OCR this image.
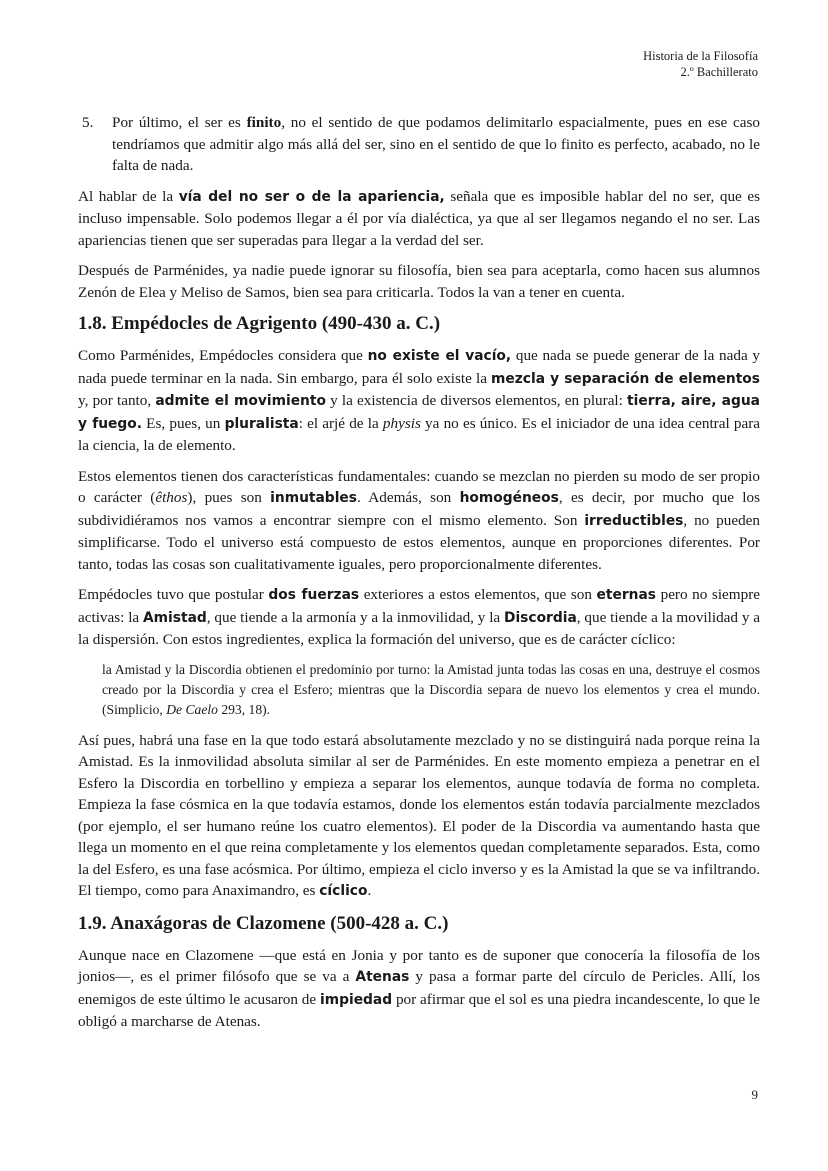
Historia de la Filosofía
2.º Bachillerato
5.	Por último, el ser es finito, no el sentido de que podamos delimitarlo espacialmente, pues en ese caso tendríamos que admitir algo más allá del ser, sino en el sentido de que lo finito es perfecto, acabado, no le falta de nada.

Al hablar de la vía del no ser o de la apariencia, señala que es imposible hablar del no ser, que es incluso impensable. Solo podemos llegar a él por vía dialéctica, ya que al ser llegamos negando el no ser. Las apariencias tienen que ser superadas para llegar a la verdad del ser.

Después de Parménides, ya nadie puede ignorar su filosofía, bien sea para aceptarla, como hacen sus alumnos Zenón de Elea y Meliso de Samos, bien sea para criticarla. Todos la van a tener en cuenta.

1.8. Empédocles de Agrigento (490-430 a. C.)

Como Parménides, Empédocles considera que no existe el vacío, que nada se puede generar de la nada y nada puede terminar en la nada. Sin embargo, para él solo existe la mezcla y separación de elementos y, por tanto, admite el movimiento y la existencia de diversos elementos, en plural: tierra, aire, agua y fuego. Es, pues, un pluralista: el arjé de la physis ya no es único. Es el iniciador de una idea central para la ciencia, la de elemento.

Estos elementos tienen dos características fundamentales: cuando se mezclan no pierden su modo de ser propio o carácter (êthos), pues son inmutables. Además, son homogéneos, es decir, por mucho que los subdividiéramos nos vamos a encontrar siempre con el mismo elemento. Son irreductibles, no pueden simplificarse. Todo el universo está compuesto de estos elementos, aunque en proporciones diferentes. Por tanto, todas las cosas son cualitativamente iguales, pero proporcionalmente diferentes.

Empédocles tuvo que postular dos fuerzas exteriores a estos elementos, que son eternas pero no siempre activas: la Amistad, que tiende a la armonía y a la inmovilidad, y la Discordia, que tiende a la movilidad y a la dispersión. Con estos ingredientes, explica la formación del universo, que es de carácter cíclico:

la Amistad y la Discordia obtienen el predominio por turno: la Amistad junta todas las cosas en una, destruye el cosmos creado por la Discordia y crea el Esfero; mientras que la Discordia separa de nuevo los elementos y crea el mundo. (Simplicio, De Caelo 293, 18).

Así pues, habrá una fase en la que todo estará absolutamente mezclado y no se distinguirá nada porque reina la Amistad. Es la inmovilidad absoluta similar al ser de Parménides. En este momento empieza a penetrar en el Esfero la Discordia en torbellino y empieza a separar los elementos, aunque todavía de forma no completa. Empieza la fase cósmica en la que todavía estamos, donde los elementos están todavía parcialmente mezclados (por ejemplo, el ser humano reúne los cuatro elementos). El poder de la Discordia va aumentando hasta que llega un momento en el que reina completamente y los elementos quedan completamente separados. Esta, como la del Esfero, es una fase acósmica. Por último, empieza el ciclo inverso y es la Amistad la que se va infiltrando. El tiempo, como para Anaximandro, es cíclico.

1.9. Anaxágoras de Clazomene (500-428 a. C.)

Aunque nace en Clazomene —que está en Jonia y por tanto es de suponer que conocería la filosofía de los jonios—, es el primer filósofo que se va a Atenas y pasa a formar parte del círculo de Pericles. Allí, los enemigos de este último le acusaron de impiedad por afirmar que el sol es una piedra incandescente, lo que le obligó a marcharse de Atenas.

9
